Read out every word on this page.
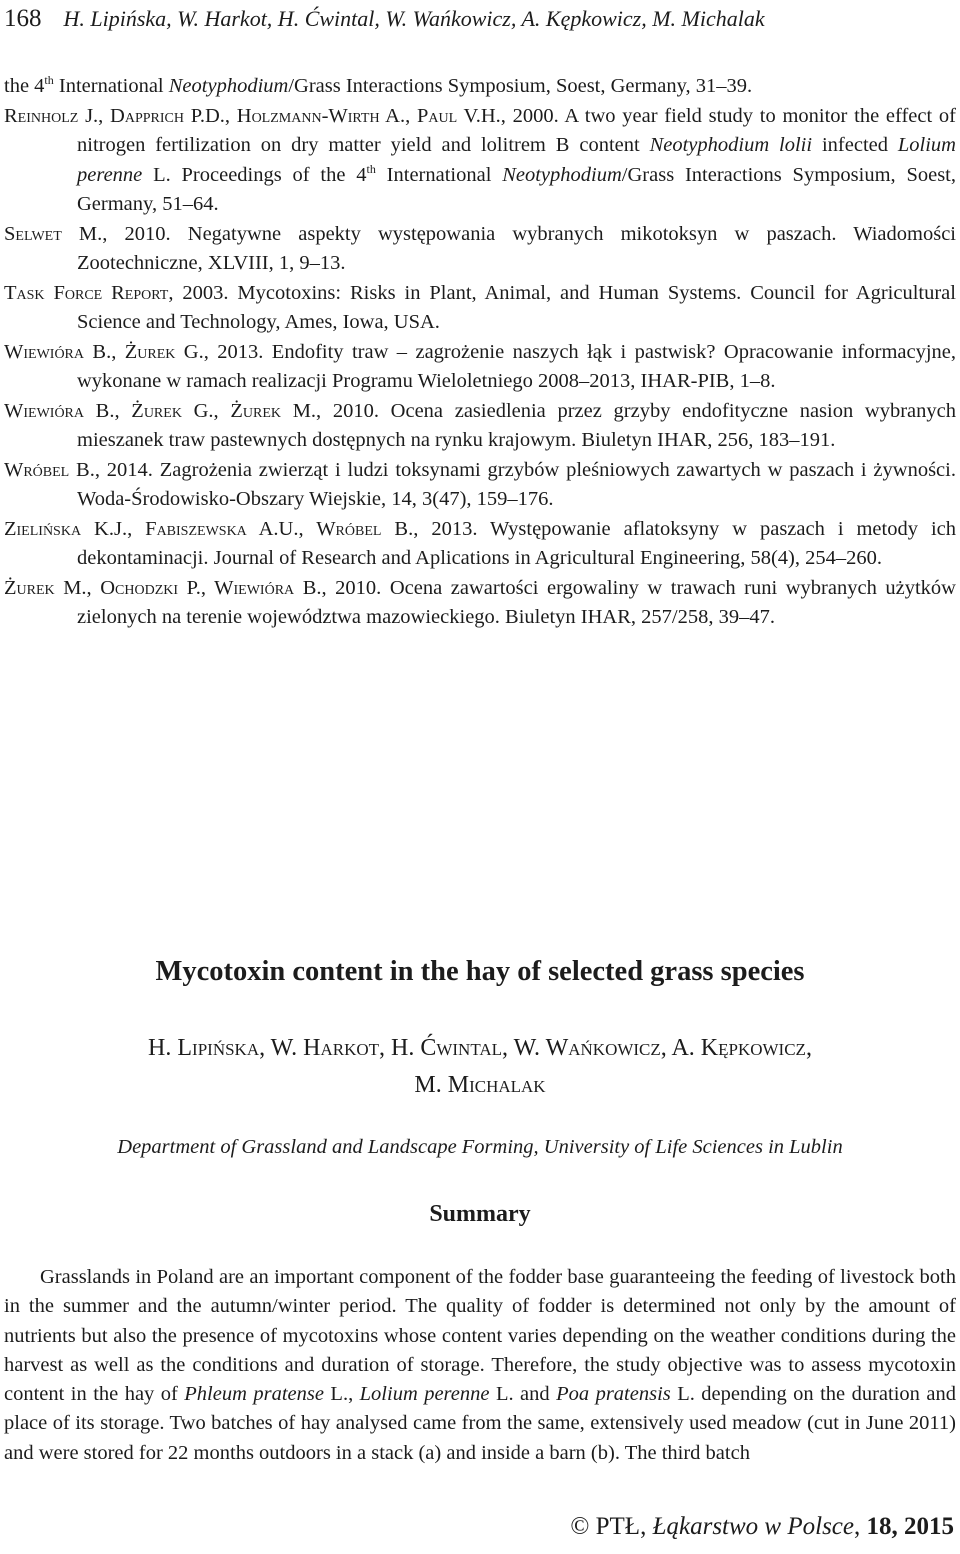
168 H. Lipińska, W. Harkot, H. Ćwintal, W. Wańkowicz, A. Kępkowicz, M. Michalak

the 4th International Neotyphodium/Grass Interactions Symposium, Soest, Germany, 31–39.

Reinholz J., Dapprich P.D., Holzmann-Wirth A., Paul V.H., 2000. A two year field study to monitor the effect of nitrogen fertilization on dry matter yield and lolitrem B content Neotyphodium lolii infected Lolium perenne L. Proceedings of the 4th International Neotyphodium/Grass Interactions Symposium, Soest, Germany, 51–64.

Selwet M., 2010. Negatywne aspekty występowania wybranych mikotoksyn w paszach. Wiadomości Zootechniczne, XLVIII, 1, 9–13.

Task Force Report, 2003. Mycotoxins: Risks in Plant, Animal, and Human Systems. Council for Agricultural Science and Technology, Ames, Iowa, USA.

Wiewióra B., Żurek G., 2013. Endofity traw – zagrożenie naszych łąk i pastwisk? Opracowanie informacyjne, wykonane w ramach realizacji Programu Wieloletniego 2008–2013, IHAR-PIB, 1–8.

Wiewióra B., Żurek G., Żurek M., 2010. Ocena zasiedlenia przez grzyby endofityczne nasion wybranych mieszanek traw pastewnych dostępnych na rynku krajowym. Biuletyn IHAR, 256, 183–191.

Wróbel B., 2014. Zagrożenia zwierząt i ludzi toksynami grzybów pleśniowych zawartych w paszach i żywności. Woda-Środowisko-Obszary Wiejskie, 14, 3(47), 159–176.

Zielińska K.J., Fabiszewska A.U., Wróbel B., 2013. Występowanie aflatoksyny w paszach i metody ich dekontaminacji. Journal of Research and Aplications in Agricultural Engineering, 58(4), 254–260.

Żurek M., Ochodzki P., Wiewióra B., 2010. Ocena zawartości ergowaliny w trawach runi wybranych użytków zielonych na terenie województwa mazowieckiego. Biuletyn IHAR, 257/258, 39–47.

Mycotoxin content in the hay of selected grass species
H. Lipińska, W. Harkot, H. Ćwintal, W. Wańkowicz, A. Kępkowicz,
M. Michalak
Department of Grassland and Landscape Forming, University of Life Sciences in Lublin
Summary

Grasslands in Poland are an important component of the fodder base guaranteeing the feeding of livestock both in the summer and the autumn/winter period. The quality of fodder is determined not only by the amount of nutrients but also the presence of mycotoxins whose content varies depending on the weather conditions during the harvest as well as the conditions and duration of storage. Therefore, the study objective was to assess mycotoxin content in the hay of Phleum pratense L., Lolium perenne L. and Poa pratensis L. depending on the duration and place of its storage. Two batches of hay analysed came from the same, extensively used meadow (cut in June 2011) and were stored for 22 months outdoors in a stack (a) and inside a barn (b). The third batch

© PTŁ, Łąkarstwo w Polsce, 18, 2015
